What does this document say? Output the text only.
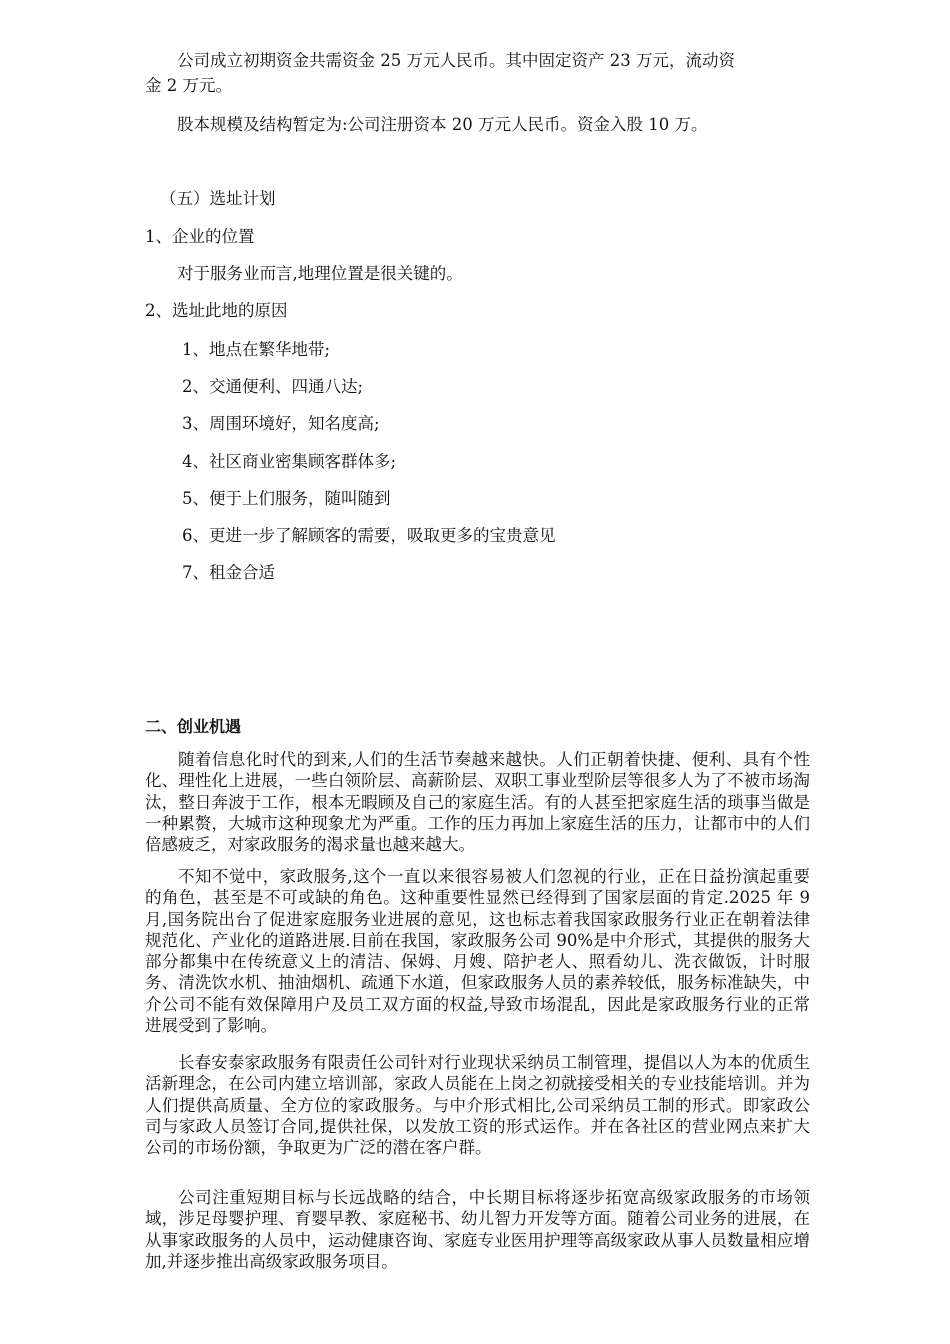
公司成立初期资金共需资金 25 万元人民币。其中固定资产 23 万元，流动资
金 2 万元。
股本规模及结构暂定为:公司注册资本 20 万元人民币。资金入股 10 万。
（五）选址计划
1、企业的位置
对于服务业而言,地理位置是很关键的。
2、选址此地的原因
1、地点在繁华地带;
2、交通便利、四通八达;
3、周围环境好，知名度高;
4、社区商业密集顾客群体多;
5、便于上们服务，随叫随到
6、更进一步了解顾客的需要，吸取更多的宝贵意见
7、租金合适
二、创业机遇

随着信息化时代的到来,人们的生活节奏越来越快。人们正朝着快捷、便利、具有个性化、理性化上进展，一些白领阶层、高薪阶层、双职工事业型阶层等很多人为了不被市场淘汰，整日奔波于工作，根本无暇顾及自己的家庭生活。有的人甚至把家庭生活的琐事当做是一种累赘，大城市这种现象尤为严重。工作的压力再加上家庭生活的压力，让都市中的人们倍感疲乏，对家政服务的渴求量也越来越大。

不知不觉中，家政服务,这个一直以来很容易被人们忽视的行业，正在日益扮演起重要的角色，甚至是不可或缺的角色。这种重要性显然已经得到了国家层面的肯定.2025 年 9 月,国务院出台了促进家庭服务业进展的意见，这也标志着我国家政服务行业正在朝着法律规范化、产业化的道路进展.目前在我国，家政服务公司 90%是中介形式，其提供的服务大部分都集中在传统意义上的清洁、保姆、月嫂、陪护老人、照看幼儿、洗衣做饭，计时服务、清洗饮水机、抽油烟机、疏通下水道，但家政服务人员的素养较低，服务标准缺失，中介公司不能有效保障用户及员工双方面的权益,导致市场混乱，因此是家政服务行业的正常进展受到了影响。

长春安泰家政服务有限责任公司针对行业现状采纳员工制管理，提倡以人为本的优质生活新理念，在公司内建立培训部，家政人员能在上岗之初就接受相关的专业技能培训。并为人们提供高质量、全方位的家政服务。与中介形式相比,公司采纳员工制的形式。即家政公司与家政人员签订合同,提供社保，以发放工资的形式运作。并在各社区的营业网点来扩大公司的市场份额，争取更为广泛的潜在客户群。

公司注重短期目标与长远战略的结合，中长期目标将逐步拓宽高级家政服务的市场领域，涉足母婴护理、育婴早教、家庭秘书、幼儿智力开发等方面。随着公司业务的进展，在从事家政服务的人员中，运动健康咨询、家庭专业医用护理等高级家政从事人员数量相应增加,并逐步推出高级家政服务项目。
